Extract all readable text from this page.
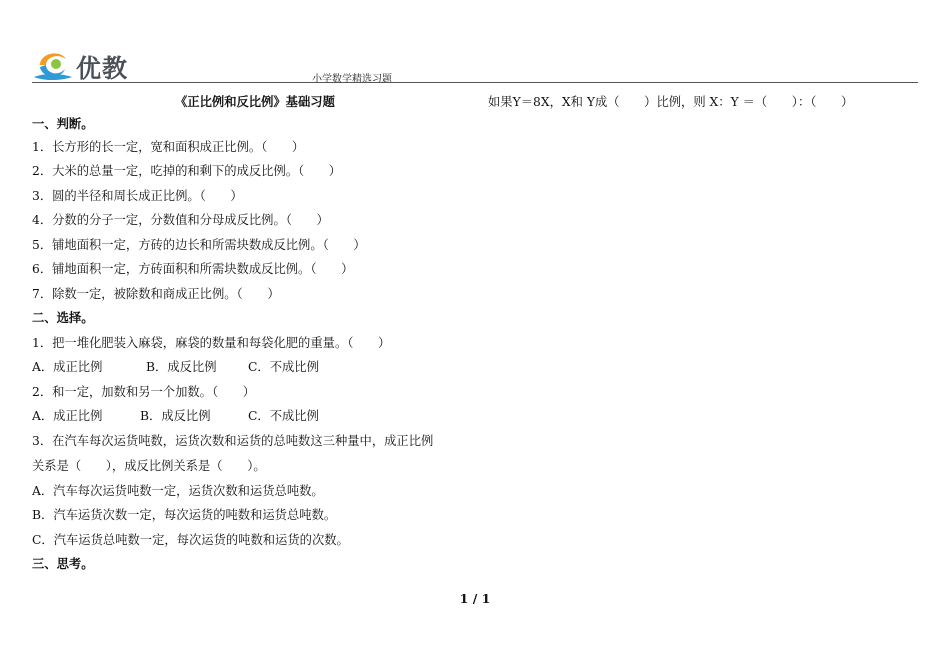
优教	小学数学精选习题
《正比例和反比例》基础习题	如果Y＝8X，X和 Y成（　　）比例，则 X：Y ＝（　　）：（　　）
一、判断。
1．长方形的长一定，宽和面积成正比例。（　　）
2．大米的总量一定，吃掉的和剩下的成反比例。（　　）
3．圆的半径和周长成正比例。（　　）
4．分数的分子一定，分数值和分母成反比例。（　　）
5．铺地面积一定，方砖的边长和所需块数成反比例。（　　）
6．铺地面积一定，方砖面积和所需块数成反比例。（　　）
7．除数一定，被除数和商成正比例。（　　）
二、选择。
1．把一堆化肥装入麻袋，麻袋的数量和每袋化肥的重量。（　　）
A．成正比例	B．成反比例	C．不成比例
2．和一定，加数和另一个加数。（　　）
A．成正比例	B．成反比例	C．不成比例
3．在汽车每次运货吨数，运货次数和运货的总吨数这三种量中，成正比例
关系是（　　），成反比例关系是（　　）。
A．汽车每次运货吨数一定，运货次数和运货总吨数。
B．汽车运货次数一定，每次运货的吨数和运货总吨数。
C．汽车运货总吨数一定，每次运货的吨数和运货的次数。
三、思考。
1 / 1
